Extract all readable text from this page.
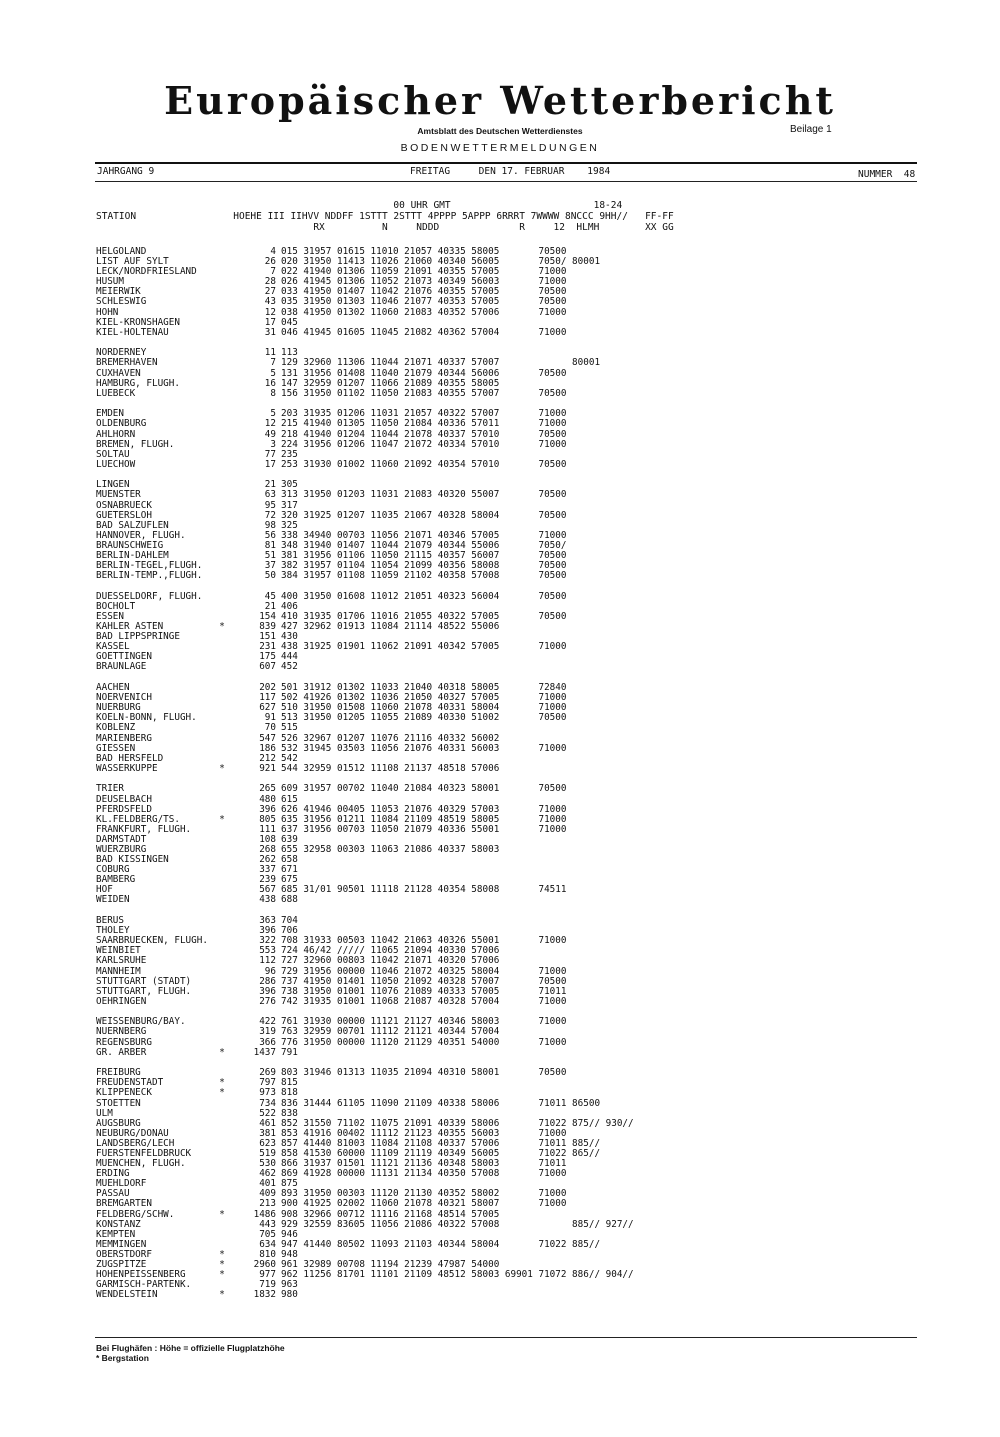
Europäischer Wetterbericht
Amtsblatt des Deutschen Wetterdienstes	Beilage 1
BODENWETTERMELDUNGEN
JAHRGANG 9	FREITAG     DEN 17. FEBRUAR    1984	NUMMER  48
00 UHR GMT                         18-24
STATION                 HOEHE III IIHVV NDDFF 1STTT 2STTT 4PPPP 5APPP 6RRRT 7WWWW 8NCCC 9HH//   FF-FF
RX          N     NDDD              R     12  HLMH        XX GG
HELGOLAND	4 015 31957 01615 11010 21057 40335 58005       70500
LIST AUF SYLT	26 020 31950 11413 11026 21060 40340 56005       7050/ 80001
LECK/NORDFRIESLAND	7 022 41940 01306 11059 21091 40355 57005       71000
HUSUM	28 026 41945 01306 11052 21073 40349 56003       71000
MEIERWIK	27 033 41950 01407 11042 21076 40355 57005       70500
SCHLESWIG	43 035 31950 01303 11046 21077 40353 57005       70500
HOHN	12 038 41950 01302 11060 21083 40352 57006       71000
KIEL-KRONSHAGEN	17 045
KIEL-HOLTENAU	31 046 41945 01605 11045 21082 40362 57004       71000
NORDERNEY	11 113
BREMERHAVEN	7 129 32960 11306 11044 21071 40337 57007             80001
CUXHAVEN	5 131 31956 01408 11040 21079 40344 56006       70500
HAMBURG, FLUGH.	16 147 32959 01207 11066 21089 40355 58005
LUEBECK	8 156 31950 01102 11050 21083 40355 57007       70500
EMDEN	5 203 31935 01206 11031 21057 40322 57007       71000
OLDENBURG	12 215 41940 01305 11050 21084 40336 57011       71000
AHLHORN	49 218 41940 01204 11044 21078 40337 57010       70500
BREMEN, FLUGH.	3 224 31956 01206 11047 21072 40334 57010       71000
SOLTAU	77 235
LUECHOW	17 253 31930 01002 11060 21092 40354 57010       70500
LINGEN	21 305
MUENSTER	63 313 31950 01203 11031 21083 40320 55007       70500
OSNABRUECK	95 317
GUETERSLOH	72 320 31925 01207 11035 21067 40328 58004       70500
BAD SALZUFLEN	98 325
HANNOVER, FLUGH.	56 338 34940 00703 11056 21071 40346 57005       71000
BRAUNSCHWEIG	81 348 31940 01407 11044 21079 40344 55006       7050/
BERLIN-DAHLEM	51 381 31956 01106 11050 21115 40357 56007       70500
BERLIN-TEGEL,FLUGH.	37 382 31957 01104 11054 21099 40356 58008       70500
BERLIN-TEMP.,FLUGH.	50 384 31957 01108 11059 21102 40358 57008       70500
DUESSELDORF, FLUGH.	45 400 31950 01608 11012 21051 40323 56004       70500
BOCHOLT	21 406
ESSEN	154 410 31935 01706 11016 21055 40322 57005       70500
KAHLER ASTEN	*	839 427 32962 01913 11084 21114 48522 55006
BAD LIPPSPRINGE	151 430
KASSEL	231 438 31925 01901 11062 21091 40342 57005       71000
GOETTINGEN	175 444
BRAUNLAGE	607 452
AACHEN	202 501 31912 01302 11033 21040 40318 58005       72840
NOERVENICH	117 502 41926 01302 11036 21050 40327 57005       71000
NUERBURG	627 510 31950 01508 11060 21078 40331 58004       71000
KOELN-BONN, FLUGH.	91 513 31950 01205 11055 21089 40330 51002       70500
KOBLENZ	70 515
MARIENBERG	547 526 32967 01207 11076 21116 40332 56002
GIESSEN	186 532 31945 03503 11056 21076 40331 56003       71000
BAD HERSFELD	212 542
WASSERKUPPE	*	921 544 32959 01512 11108 21137 48518 57006
TRIER	265 609 31957 00702 11040 21084 40323 58001       70500
DEUSELBACH	480 615
PFERDSFELD	396 626 41946 00405 11053 21076 40329 57003       71000
KL.FELDBERG/TS.	*	805 635 31956 01211 11084 21109 48519 58005       71000
FRANKFURT, FLUGH.	111 637 31956 00703 11050 21079 40336 55001       71000
DARMSTADT	108 639
WUERZBURG	268 655 32958 00303 11063 21086 40337 58003
BAD KISSINGEN	262 658
COBURG	337 671
BAMBERG	239 675
HOF	567 685 31/01 90501 11118 21128 40354 58008       74511
WEIDEN	438 688
BERUS	363 704
THOLEY	396 706
SAARBRUECKEN, FLUGH.	322 708 31933 00503 11042 21063 40326 55001       71000
WEINBIET	553 724 46/42 ///// 11065 21094 40330 57006
KARLSRUHE	112 727 32960 00803 11042 21071 40320 57006
MANNHEIM	96 729 31956 00000 11046 21072 40325 58004       71000
STUTTGART (STADT)	286 737 41950 01401 11050 21092 40328 57007       70500
STUTTGART, FLUGH.	396 738 31950 01001 11076 21089 40333 57005       71011
OEHRINGEN	276 742 31935 01001 11068 21087 40328 57004       71000
WEISSENBURG/BAY.	422 761 31930 00000 11121 21127 40346 58003       71000
NUERNBERG	319 763 32959 00701 11112 21121 40344 57004
REGENSBURG	366 776 31950 00000 11120 21129 40351 54000       71000
GR. ARBER	*	1437 791
FREIBURG	269 803 31946 01313 11035 21094 40310 58001       70500
FREUDENSTADT	*	797 815
KLIPPENECK	*	973 818
STOETTEN	734 836 31444 61105 11090 21109 40338 58006       71011 86500
ULM	522 838
AUGSBURG	461 852 31550 71102 11075 21091 40339 58006       71022 875// 930//
NEUBURG/DONAU	381 853 41916 00402 11112 21123 40355 56003       71000
LANDSBERG/LECH	623 857 41440 81003 11084 21108 40337 57006       71011 885//
FUERSTENFELDBRUCK	519 858 41530 60000 11109 21119 40349 56005       71022 865//
MUENCHEN, FLUGH.	530 866 31937 01501 11121 21136 40348 58003       71011
ERDING	462 869 41928 00000 11131 21134 40350 57008       71000
MUEHLDORF	401 875
PASSAU	409 893 31950 00303 11120 21130 40352 58002       71000
BREMGARTEN	213 900 41925 02002 11060 21078 40321 58007       71000
FELDBERG/SCHW.	*	1486 908 32966 00712 11116 21168 48514 57005
KONSTANZ	443 929 32559 83605 11056 21086 40322 57008             885// 927//
KEMPTEN	705 946
MEMMINGEN	634 947 41440 80502 11093 21103 40344 58004       71022 885//
OBERSTDORF	*	810 948
ZUGSPITZE	*	2960 961 32989 00708 11194 21239 47987 54000
HOHENPEISSENBERG	*	977 962 11256 81701 11101 21109 48512 58003 69901 71072 886// 904//
GARMISCH-PARTENK.	719 963
WENDELSTEIN	*	1832 980
Bei Flughäfen : Höhe = offizielle Flugplatzhöhe
* Bergstation
